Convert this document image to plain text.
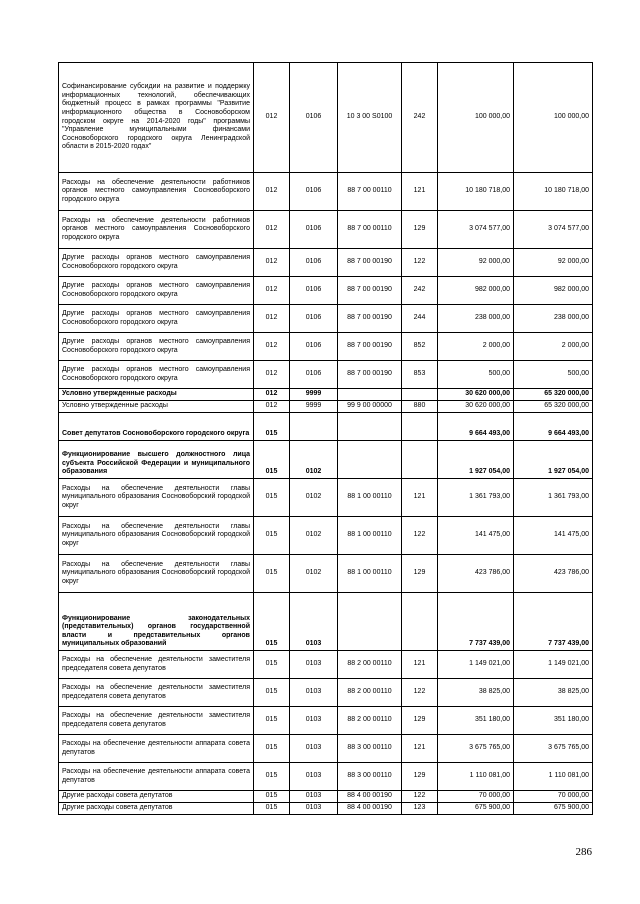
Софинансирование субсидии на развитие и поддержку информационных технологий, обеспечивающих бюджетный процесс в рамках программы "Развитие информационного общества в Сосновоборском городском округе на 2014-2020 годы" программы "Управление муниципальными финансами Сосновоборского городского округа Ленинградской области в 2015-2020 годах"	012	0106	10 3 00 S0100	242	100 000,00	100 000,00
Расходы на обеспечение деятельности работников органов местного самоуправления Сосновоборского городского округа	012	0106	88 7 00 00110	121	10 180 718,00	10 180 718,00
Расходы на обеспечение деятельности работников органов местного самоуправления Сосновоборского городского округа	012	0106	88 7 00 00110	129	3 074 577,00	3 074 577,00
Другие расходы органов местного самоуправления Сосновоборского городского округа	012	0106	88 7 00 00190	122	92 000,00	92 000,00
Другие расходы органов местного самоуправления Сосновоборского городского округа	012	0106	88 7 00 00190	242	982 000,00	982 000,00
Другие расходы органов местного самоуправления Сосновоборского городского округа	012	0106	88 7 00 00190	244	238 000,00	238 000,00
Другие расходы органов местного самоуправления Сосновоборского городского округа	012	0106	88 7 00 00190	852	2 000,00	2 000,00
Другие расходы органов местного самоуправления Сосновоборского городского округа	012	0106	88 7 00 00190	853	500,00	500,00
Условно утвержденные расходы	012	9999			30 620 000,00	65 320 000,00
Условно утвержденные расходы	012	9999	99 9 00 00000	880	30 620 000,00	65 320 000,00
Совет депутатов Сосновоборского городского округа	015				9 664 493,00	9 664 493,00
Функционирование высшего должностного лица субъекта Российской Федерации и муниципального образования	015	0102			1 927 054,00	1 927 054,00
Расходы на обеспечение деятельности главы муниципального образования Сосновоборский городской округ	015	0102	88 1 00 00110	121	1 361 793,00	1 361 793,00
Расходы на обеспечение деятельности главы муниципального образования Сосновоборский городской округ	015	0102	88 1 00 00110	122	141 475,00	141 475,00
Расходы на обеспечение деятельности главы муниципального образования Сосновоборский городской округ	015	0102	88 1 00 00110	129	423 786,00	423 786,00
Функционирование законодательных (представительных) органов государственной власти и представительных органов муниципальных образований	015	0103			7 737 439,00	7 737 439,00
Расходы на обеспечение деятельности заместителя председателя совета депутатов	015	0103	88 2 00 00110	121	1 149 021,00	1 149 021,00
Расходы на обеспечение деятельности заместителя председателя совета депутатов	015	0103	88 2 00 00110	122	38 825,00	38 825,00
Расходы на обеспечение деятельности заместителя председателя совета депутатов	015	0103	88 2 00 00110	129	351 180,00	351 180,00
Расходы на обеспечение деятельности аппарата совета депутатов	015	0103	88 3 00 00110	121	3 675 765,00	3 675 765,00
Расходы на обеспечение деятельности аппарата совета депутатов	015	0103	88 3 00 00110	129	1 110 081,00	1 110 081,00
Другие расходы совета депутатов	015	0103	88 4 00 00190	122	70 000,00	70 000,00
Другие расходы совета депутатов	015	0103	88 4 00 00190	123	675 900,00	675 900,00
286
